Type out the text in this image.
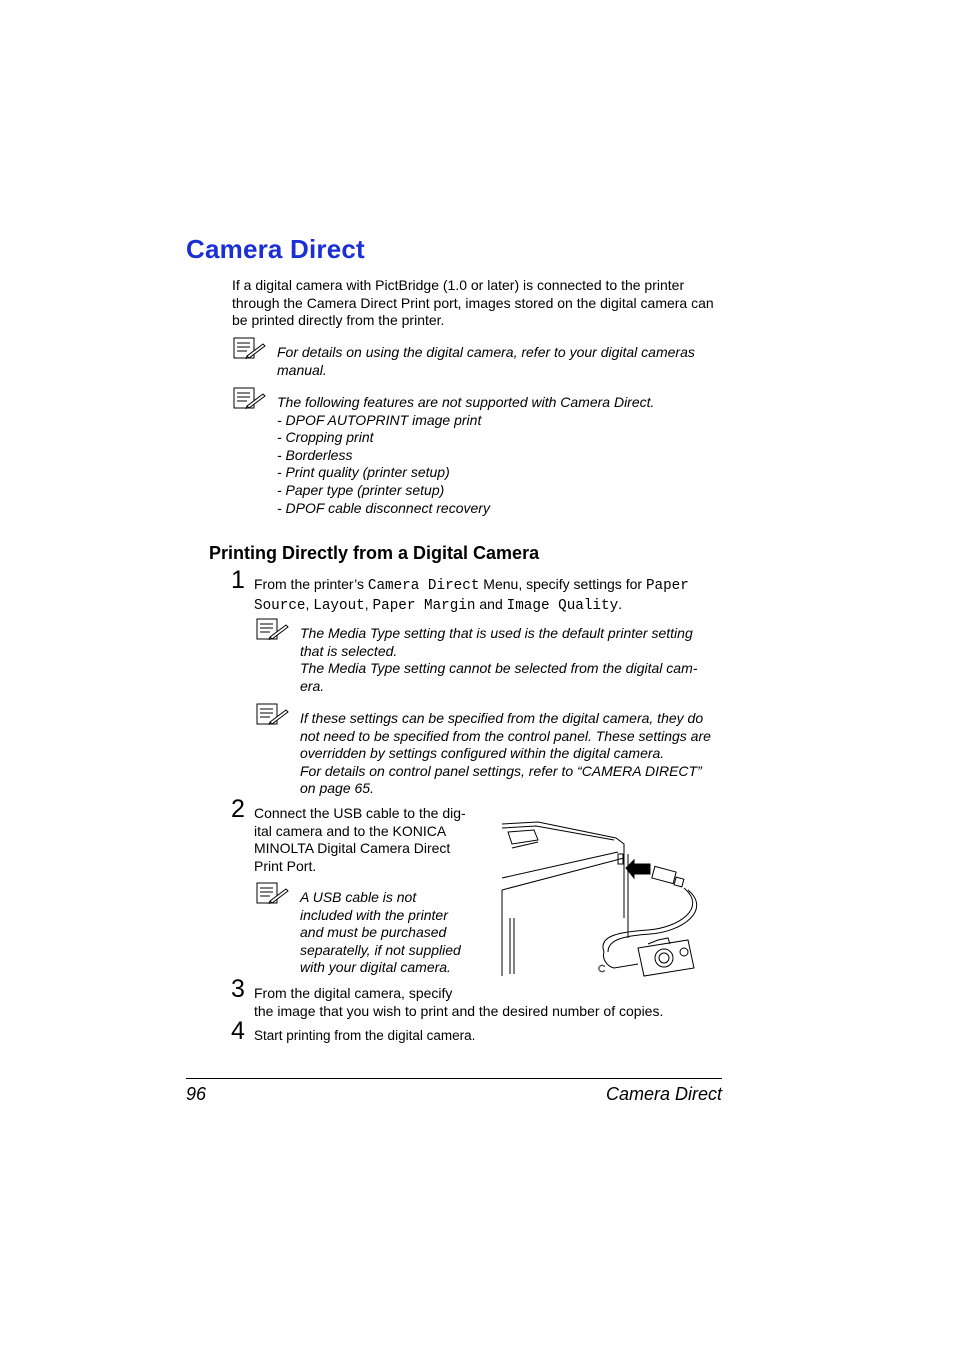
Camera Direct
If a digital camera with PictBridge (1.0 or later) is connected to the printer
through the Camera Direct Print port, images stored on the digital camera can
be printed directly from the printer.
For details on using the digital camera, refer to your digital cameras
manual.
The following features are not supported with Camera Direct.
- DPOF AUTOPRINT image print
- Cropping print
- Borderless
- Print quality (printer setup)
- Paper type (printer setup)
- DPOF cable disconnect recovery
Printing Directly from a Digital Camera
1 From the printer’s Camera Direct Menu, specify settings for Paper
Source, Layout, Paper Margin and Image Quality.
The Media Type setting that is used is the default printer setting
that is selected.
The Media Type setting cannot be selected from the digital cam-
era.
If these settings can be specified from the digital camera, they do
not need to be specified from the control panel. These settings are
overridden by settings configured within the digital camera.
For details on control panel settings, refer to “CAMERA DIRECT”
on page 65.
2 Connect the USB cable to the dig-
ital camera and to the KONICA
MINOLTA Digital Camera Direct
Print Port.
A USB cable is not
included with the printer
and must be purchased
separatelly, if not supplied
with your digital camera.	C
3 From the digital camera, specify
the image that you wish to print and the desired number of copies.
4 Start printing from the digital camera.
96	Camera Direct
